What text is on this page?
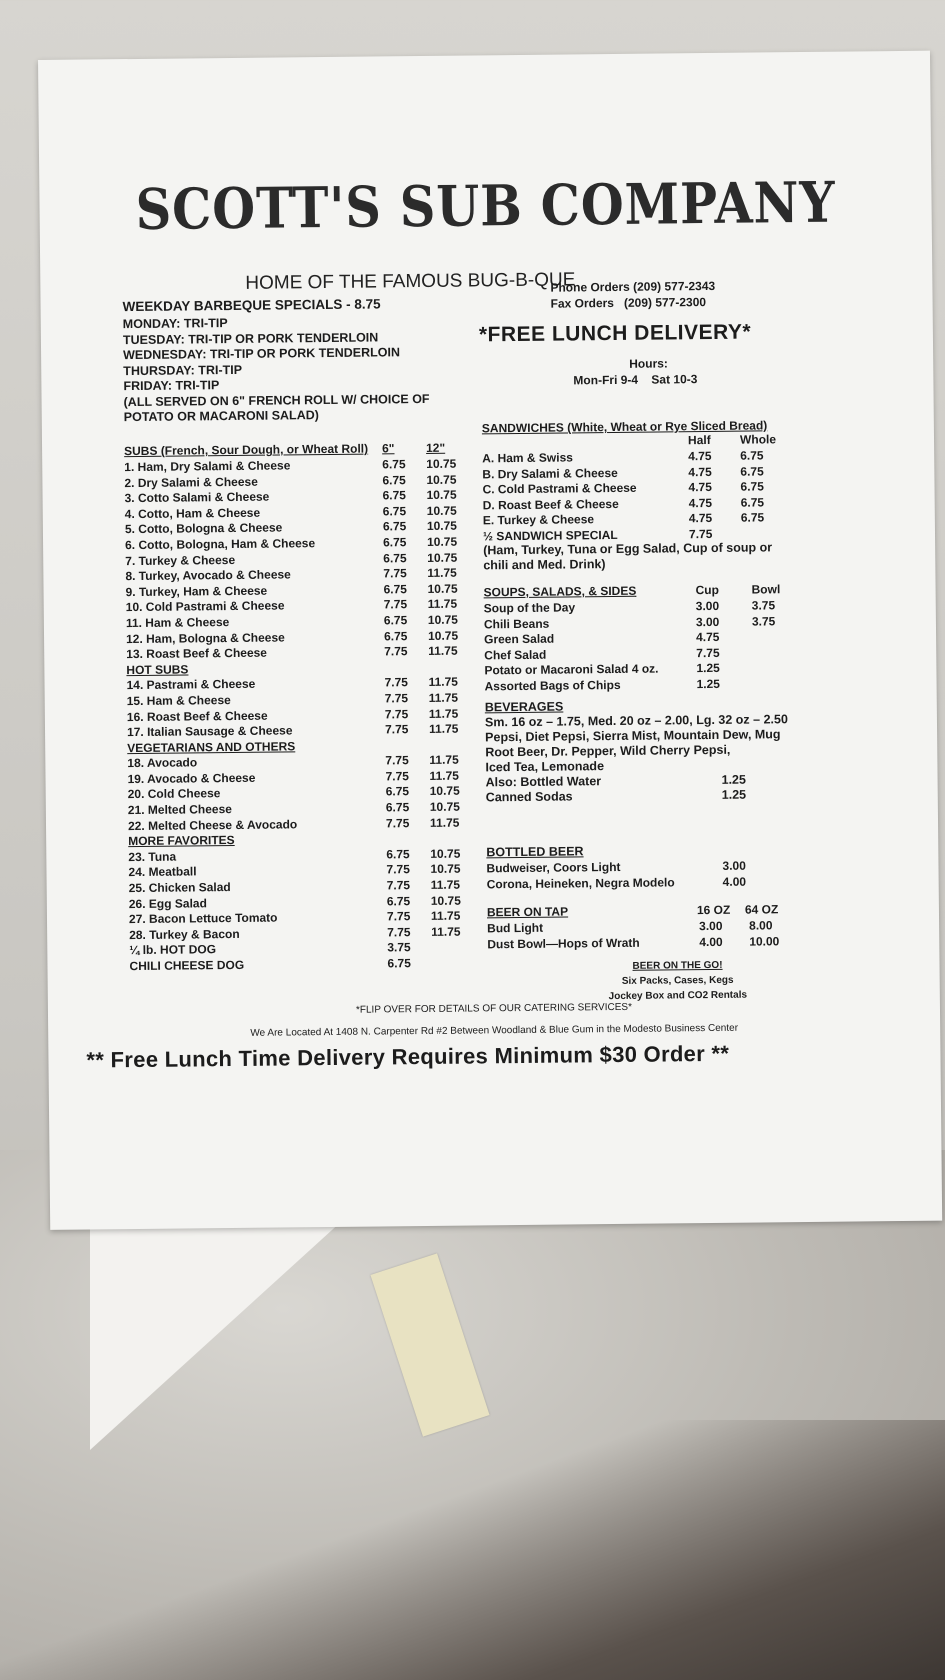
SCOTT'S SUB COMPANY
HOME OF THE FAMOUS BUG-B-QUE
WEEKDAY BARBEQUE SPECIALS - 8.75
MONDAY: TRI-TIP
TUESDAY: TRI-TIP OR PORK TENDERLOIN
WEDNESDAY: TRI-TIP OR PORK TENDERLOIN
THURSDAY: TRI-TIP
FRIDAY: TRI-TIP
(ALL SERVED ON 6" FRENCH ROLL W/ CHOICE OF
POTATO OR MACARONI SALAD)
Phone Orders (209) 577-2343
Fax Orders   (209) 577-2300
*FREE LUNCH DELIVERY*
Hours:
Mon-Fri 9-4    Sat 10-3
SUBS (French, Sour Dough, or Wheat Roll) 6"	12"
1. Ham, Dry Salami & Cheese	6.75 10.75
2. Dry Salami & Cheese	6.75 10.75
3. Cotto Salami & Cheese	6.75 10.75
4. Cotto, Ham & Cheese	6.75 10.75
5. Cotto, Bologna & Cheese	6.75 10.75
6. Cotto, Bologna, Ham & Cheese	6.75 10.75
7. Turkey & Cheese	6.75 10.75
8. Turkey, Avocado & Cheese	7.75 11.75
9. Turkey, Ham & Cheese	6.75 10.75
10. Cold Pastrami & Cheese	7.75 11.75
11. Ham & Cheese	6.75 10.75
12. Ham, Bologna & Cheese	6.75 10.75
13. Roast Beef & Cheese	7.75 11.75
HOT SUBS
14. Pastrami & Cheese	7.75 11.75
15. Ham & Cheese	7.75 11.75
16. Roast Beef & Cheese	7.75 11.75
17. Italian Sausage & Cheese	7.75 11.75
VEGETARIANS AND OTHERS
18. Avocado	7.75 11.75
19. Avocado & Cheese	7.75 11.75
20. Cold Cheese	6.75 10.75
21. Melted Cheese	6.75 10.75
22. Melted Cheese & Avocado	7.75 11.75
MORE FAVORITES
23. Tuna	6.75 10.75
24. Meatball	7.75 10.75
25. Chicken Salad	7.75 11.75
26. Egg Salad	6.75 10.75
27. Bacon Lettuce Tomato	7.75 11.75
28. Turkey & Bacon	7.75 11.75
¼ lb. HOT DOG	3.75
CHILI CHEESE DOG	6.75
SANDWICHES (White, Wheat or Rye Sliced Bread)
Half Whole
A. Ham & Swiss	4.75 6.75
B. Dry Salami & Cheese	4.75 6.75
C. Cold Pastrami & Cheese	4.75 6.75
D. Roast Beef & Cheese	4.75 6.75
E. Turkey & Cheese	4.75 6.75
½ SANDWICH SPECIAL	7.75
(Ham, Turkey, Tuna or Egg Salad, Cup of soup or
chili and Med. Drink)
SOUPS, SALADS, & SIDES	Cup	Bowl
Soup of the Day	3.00	3.75
Chili Beans	3.00	3.75
Green Salad	4.75
Chef Salad	7.75
Potato or Macaroni Salad 4 oz.	1.25
Assorted Bags of Chips	1.25
BEVERAGES
Sm. 16 oz – 1.75, Med. 20 oz – 2.00, Lg. 32 oz – 2.50
Pepsi, Diet Pepsi, Sierra Mist, Mountain Dew, Mug
Root Beer, Dr. Pepper, Wild Cherry Pepsi,
Iced Tea, Lemonade
Also: Bottled Water	1.25
Canned Sodas	1.25
BOTTLED BEER
Budweiser, Coors Light	3.00
Corona, Heineken, Negra Modelo	4.00
BEER ON TAP	16 OZ 64 OZ
Bud Light	3.00 8.00
Dust Bowl—Hops of Wrath	4.00 10.00
BEER ON THE GO!
Six Packs, Cases, Kegs
Jockey Box and CO2 Rentals
*FLIP OVER FOR DETAILS OF OUR CATERING SERVICES*
We Are Located At 1408 N. Carpenter Rd #2 Between Woodland & Blue Gum in the Modesto Business Center
** Free Lunch Time Delivery Requires Minimum $30 Order **
